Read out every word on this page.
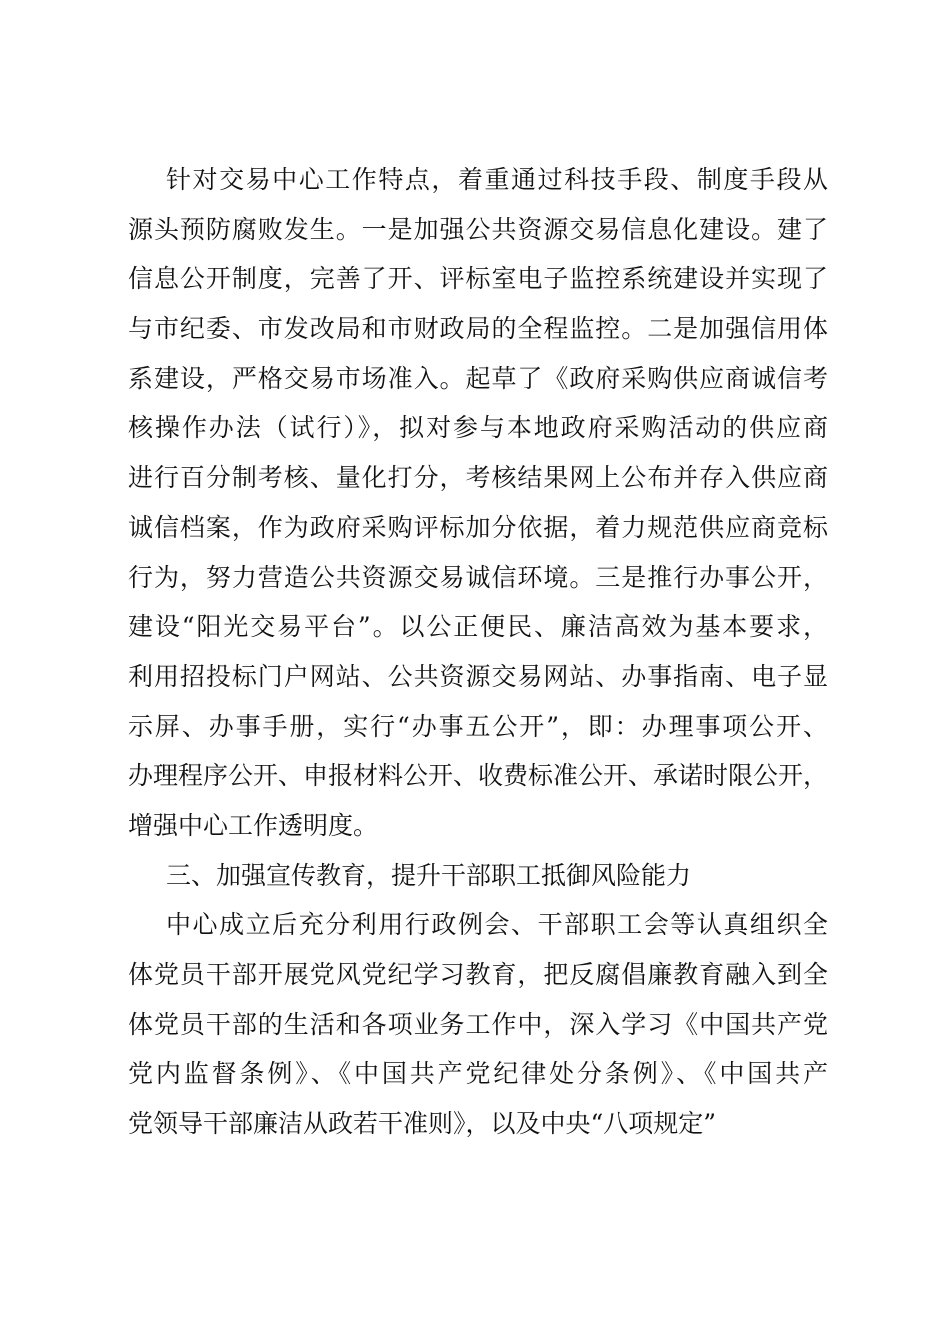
针对交易中心工作特点，着重通过科技手段、制度手段从
源头预防腐败发生。一是加强公共资源交易信息化建设。建了
信息公开制度，完善了开、评标室电子监控系统建设并实现了
与市纪委、市发改局和市财政局的全程监控。二是加强信用体
系建设，严格交易市场准入。起草了《政府采购供应商诚信考
核操作办法（试行）》，拟对参与本地政府采购活动的供应商
进行百分制考核、量化打分，考核结果网上公布并存入供应商
诚信档案，作为政府采购评标加分依据，着力规范供应商竞标
行为，努力营造公共资源交易诚信环境。三是推行办事公开，
建设“阳光交易平台”。以公正便民、廉洁高效为基本要求，
利用招投标门户网站、公共资源交易网站、办事指南、电子显
示屏、办事手册，实行“办事五公开”，即：办理事项公开、
办理程序公开、申报材料公开、收费标准公开、承诺时限公开，
增强中心工作透明度。

三、加强宣传教育，提升干部职工抵御风险能力

中心成立后充分利用行政例会、干部职工会等认真组织全
体党员干部开展党风党纪学习教育，把反腐倡廉教育融入到全
体党员干部的生活和各项业务工作中，深入学习《中国共产党
党内监督条例》、《中国共产党纪律处分条例》、《中国共产
党领导干部廉洁从政若干准则》，以及中央“八项规定”
